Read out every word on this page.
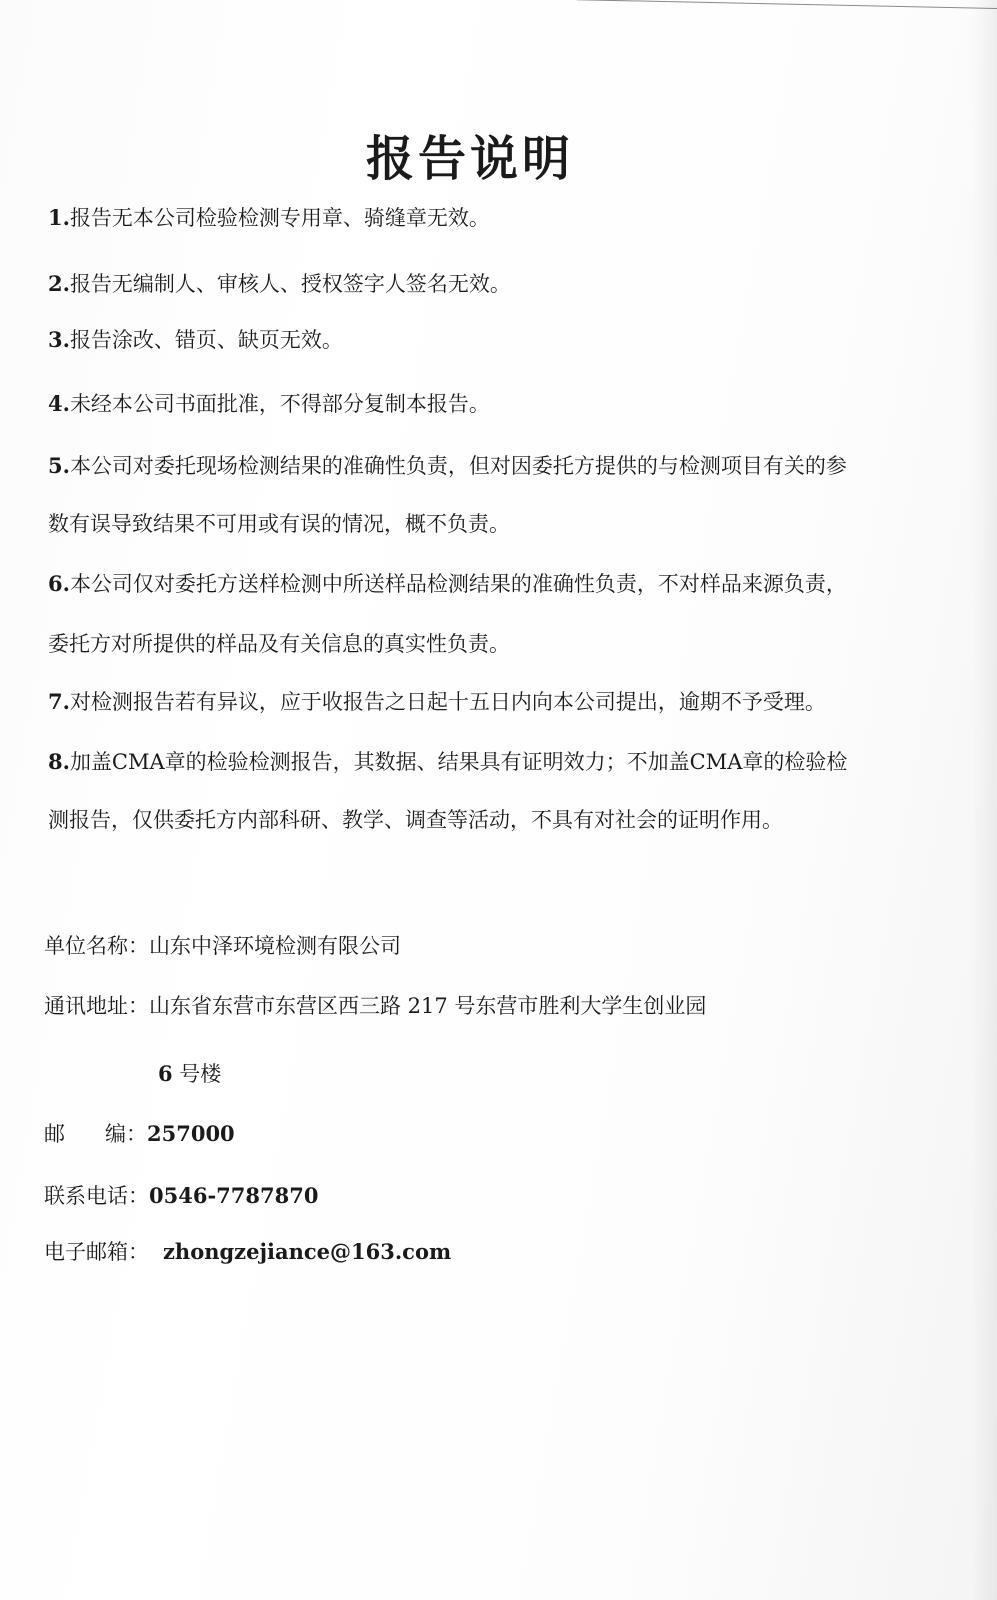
报告说明
1.报告无本公司检验检测专用章、骑缝章无效。
2.报告无编制人、审核人、授权签字人签名无效。
3.报告涂改、错页、缺页无效。
4.未经本公司书面批准，不得部分复制本报告。
5.本公司对委托现场检测结果的准确性负责，但对因委托方提供的与检测项目有关的参
数有误导致结果不可用或有误的情况，概不负责。
6.本公司仅对委托方送样检测中所送样品检测结果的准确性负责，不对样品来源负责，
委托方对所提供的样品及有关信息的真实性负责。
7.对检测报告若有异议，应于收报告之日起十五日内向本公司提出，逾期不予受理。
8.加盖CMA章的检验检测报告，其数据、结果具有证明效力；不加盖CMA章的检验检
测报告，仅供委托方内部科研、教学、调查等活动，不具有对社会的证明作用。
单位名称：山东中泽环境检测有限公司
通讯地址：山东省东营市东营区西三路 217 号东营市胜利大学生创业园
6 号楼
邮 编：257000
联系电话：0546-7787870
电子邮箱： zhongzejiance@163.com
